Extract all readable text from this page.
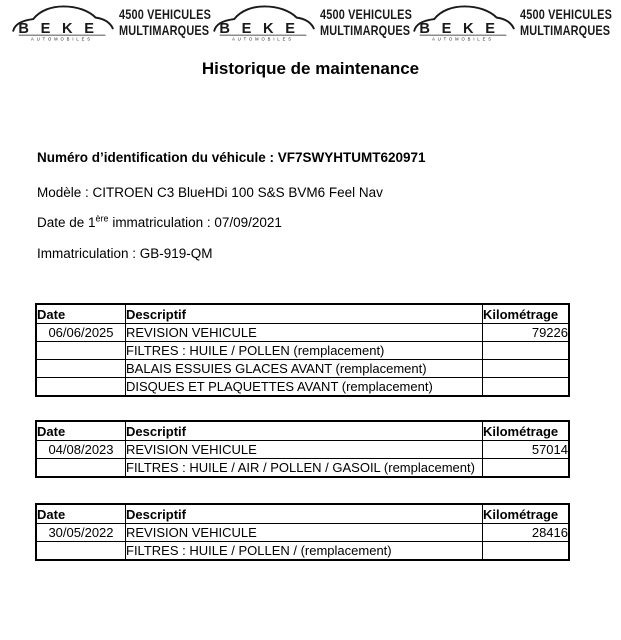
BEKE
AUTOMOBILES
4500 VEHICULES
MULTIMARQUES BEKE
AUTOMOBILES
4500 VEHICULES
MULTIMARQUES BEKE
AUTOMOBILES
4500 VEHICULES
MULTIMARQUES
Historique de maintenance
Numéro d’identification du véhicule : VF7SWYHTUMT620971
Modèle : CITROEN C3 BlueHDi 100 S&S BVM6 Feel Nav
Date de 1ère immatriculation : 07/09/2021
Immatriculation : GB-919-QM
Date	Descriptif	Kilométrage
06/06/2025	REVISION VEHICULE	79226
	FILTRES : HUILE / POLLEN (remplacement)	
	BALAIS ESSUIES GLACES AVANT (remplacement)	
	DISQUES ET PLAQUETTES AVANT (remplacement)	
Date	Descriptif	Kilométrage
04/08/2023	REVISION VEHICULE	57014
	FILTRES : HUILE / AIR / POLLEN / GASOIL (remplacement)	
Date	Descriptif	Kilométrage
30/05/2022	REVISION VEHICULE	28416
	FILTRES : HUILE / POLLEN / (remplacement)	
